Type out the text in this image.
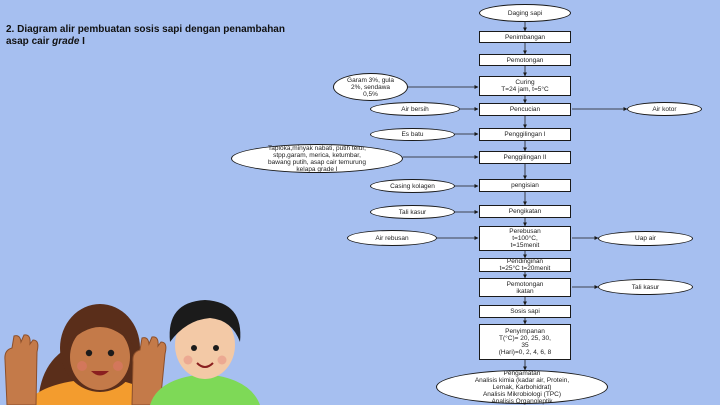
2. Diagram alir pembuatan sosis sapi dengan penambahan
asap cair grade I
Daging sapi
Penimbangan
Pemotongan
Curing
T=24 jam, t=5°C
Pencucian
Penggilingan I
Penggilingan II
pengisian
Pengikatan
Perebusan
t=100°C,
t=15menit
Pendinginan
t=25°C t=20menit
Pemotongan
ikatan
Sosis sapi
Penyimpanan
T(°C)= 20, 25, 30,
35
(Hari)=0, 2, 4, 6, 8
Pengamatan
Analisis kimia (kadar air, Protein,
Lemak, Karbohidrat)
Analisis Mikrobiologi (TPC)
Analisis Organoleptik
Garam 3%, gula
2%, sendawa
0,5%
Air bersih
Es batu
Tapioka,minyak nabati, putih telur,
stpp,garam, merica, ketumbar,
bawang putih, asap cair temurung
kelapa grade I
Casing kolagen
Tali kasur
Air rebusan
Air kotor
Uap air
Tali kasur
